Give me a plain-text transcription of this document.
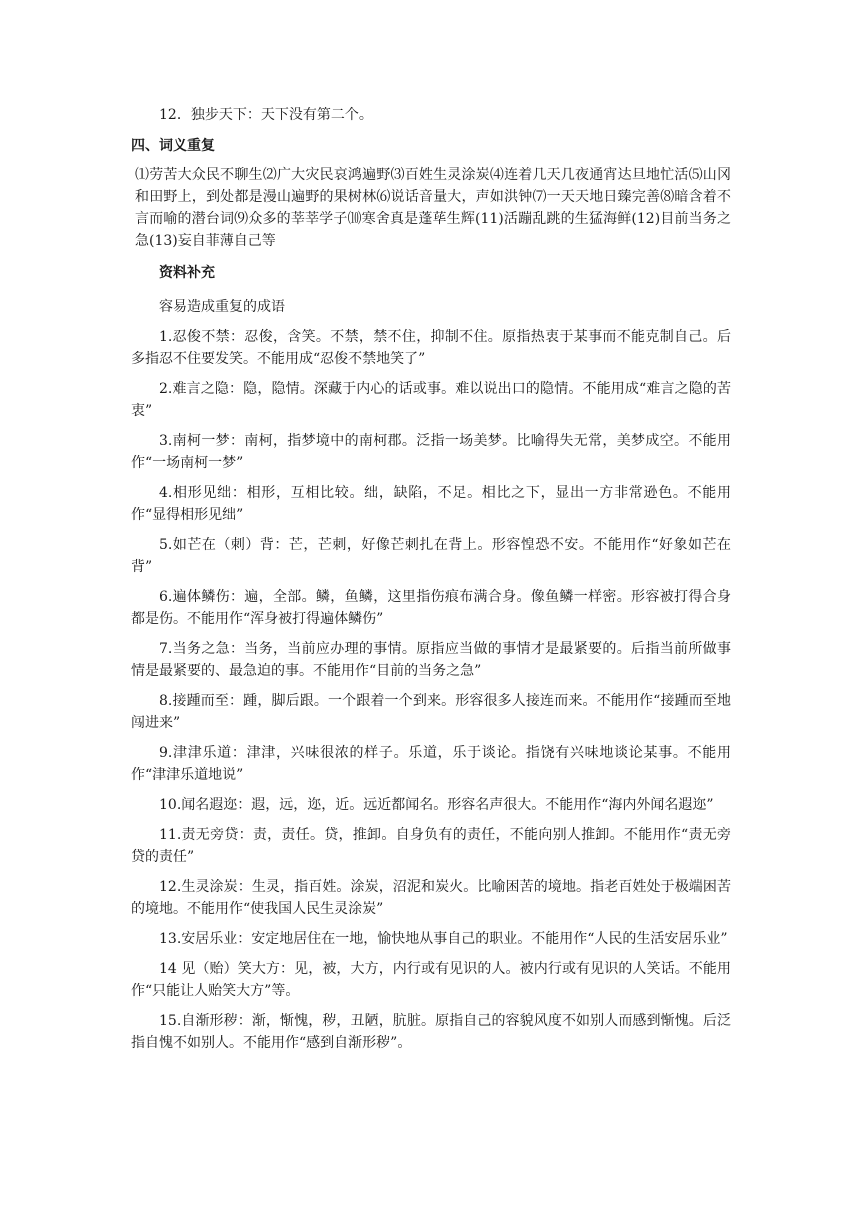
12．独步天下：天下没有第二个。

四、词义重复

⑴劳苦大众民不聊生⑵广大灾民哀鸿遍野⑶百姓生灵涂炭⑷连着几天几夜通宵达旦地忙活⑸山冈和田野上，到处都是漫山遍野的果树林⑹说话音量大，声如洪钟⑺一天天地日臻完善⑻暗含着不言而喻的潜台词⑼众多的莘莘学子⑽寒舍真是蓬荜生辉(11)活蹦乱跳的生猛海鲜(12)目前当务之急(13)妄自菲薄自己等

资料补充

容易造成重复的成语

1.忍俊不禁：忍俊，含笑。不禁，禁不住，抑制不住。原指热衷于某事而不能克制自己。后多指忍不住要发笑。不能用成“忍俊不禁地笑了”

2.难言之隐：隐，隐情。深藏于内心的话或事。难以说出口的隐情。不能用成“难言之隐的苦衷”

3.南柯一梦：南柯，指梦境中的南柯郡。泛指一场美梦。比喻得失无常，美梦成空。不能用作“一场南柯一梦”

4.相形见绌：相形，互相比较。绌，缺陷，不足。相比之下，显出一方非常逊色。不能用作“显得相形见绌”

5.如芒在（刺）背：芒，芒刺，好像芒刺扎在背上。形容惶恐不安。不能用作“好象如芒在背”

6.遍体鳞伤：遍，全部。鳞，鱼鳞，这里指伤痕布满合身。像鱼鳞一样密。形容被打得合身都是伤。不能用作“浑身被打得遍体鳞伤”

7.当务之急：当务，当前应办理的事情。原指应当做的事情才是最紧要的。后指当前所做事情是最紧要的、最急迫的事。不能用作“目前的当务之急”

8.接踵而至：踵，脚后跟。一个跟着一个到来。形容很多人接连而来。不能用作“接踵而至地闯进来”

9.津津乐道：津津，兴味很浓的样子。乐道，乐于谈论。指饶有兴味地谈论某事。不能用作“津津乐道地说”

10.闻名遐迩：遐，远，迩，近。远近都闻名。形容名声很大。不能用作“海内外闻名遐迩”

11.责无旁贷：责，责任。贷，推卸。自身负有的责任，不能向别人推卸。不能用作“责无旁贷的责任”

12.生灵涂炭：生灵，指百姓。涂炭，沼泥和炭火。比喻困苦的境地。指老百姓处于极端困苦的境地。不能用作“使我国人民生灵涂炭”

13.安居乐业：安定地居住在一地，愉快地从事自己的职业。不能用作“人民的生活安居乐业”

14 见（贻）笑大方：见，被，大方，内行或有见识的人。被内行或有见识的人笑话。不能用作“只能让人贻笑大方”等。

15.自渐形秽：渐，惭愧，秽，丑陋，肮脏。原指自己的容貌风度不如别人而感到惭愧。后泛指自愧不如别人。不能用作“感到自渐形秽”。
